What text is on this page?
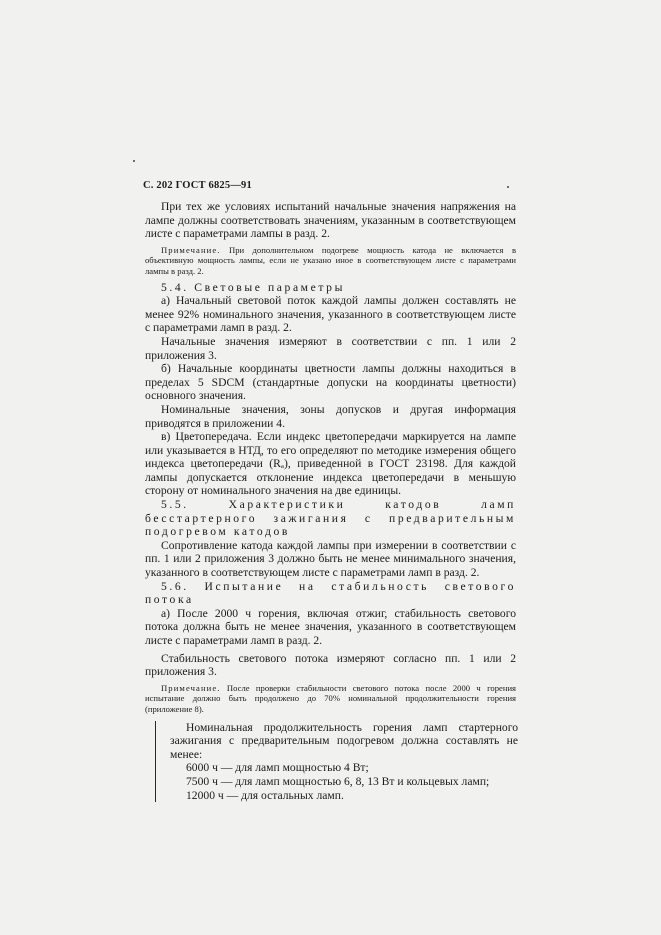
С. 202 ГОСТ 6825—91

При тех же условиях испытаний начальные значения напряжения на лампе должны соответствовать значениям, указанным в соответствующем листе с параметрами лампы в разд. 2.

Примечание. При дополнительном подогреве мощность катода не включается в объективную мощность лампы, если не указано иное в соответствующем листе с параметрами лампы в разд. 2.

5.4. Световые параметры

а) Начальный световой поток каждой лампы должен составлять не менее 92% номинального значения, указанного в соответствующем листе с параметрами ламп в разд. 2.

Начальные значения измеряют в соответствии с пп. 1 или 2 приложения 3.

б) Начальные координаты цветности лампы должны находиться в пределах 5 SDCM (стандартные допуски на координаты цветности) основного значения.

Номинальные значения, зоны допусков и другая информация приводятся в приложении 4.

в) Цветопередача. Если индекс цветопередачи маркируется на лампе или указывается в НТД, то его определяют по методике измерения общего индекса цветопередачи (Rₐ), приведенной в ГОСТ 23198. Для каждой лампы допускается отклонение индекса цветопередачи в меньшую сторону от номинального значения на две единицы.

5.5. Характеристики катодов ламп бесстартерного зажигания с предварительным подогревом катодов

Сопротивление катода каждой лампы при измерении в соответствии с пп. 1 или 2 приложения 3 должно быть не менее минимального значения, указанного в соответствующем листе с параметрами ламп в разд. 2.

5.6. Испытание на стабильность светового потока

а) После 2000 ч горения, включая отжиг, стабильность светового потока должна быть не менее значения, указанного в соответствующем листе с параметрами ламп в разд. 2.

Стабильность светового потока измеряют согласно пп. 1 или 2 приложения 3.

Примечание. После проверки стабильности светового потока после 2000 ч горения испытание должно быть продолжено до 70% номинальной продолжительности горения (приложение 8).

Номинальная продолжительность горения ламп стартерного зажигания с предварительным подогревом должна составлять не менее:

6000 ч — для ламп мощностью 4 Вт;

7500 ч — для ламп мощностью 6, 8, 13 Вт и кольцевых ламп;

12000 ч — для остальных ламп.
